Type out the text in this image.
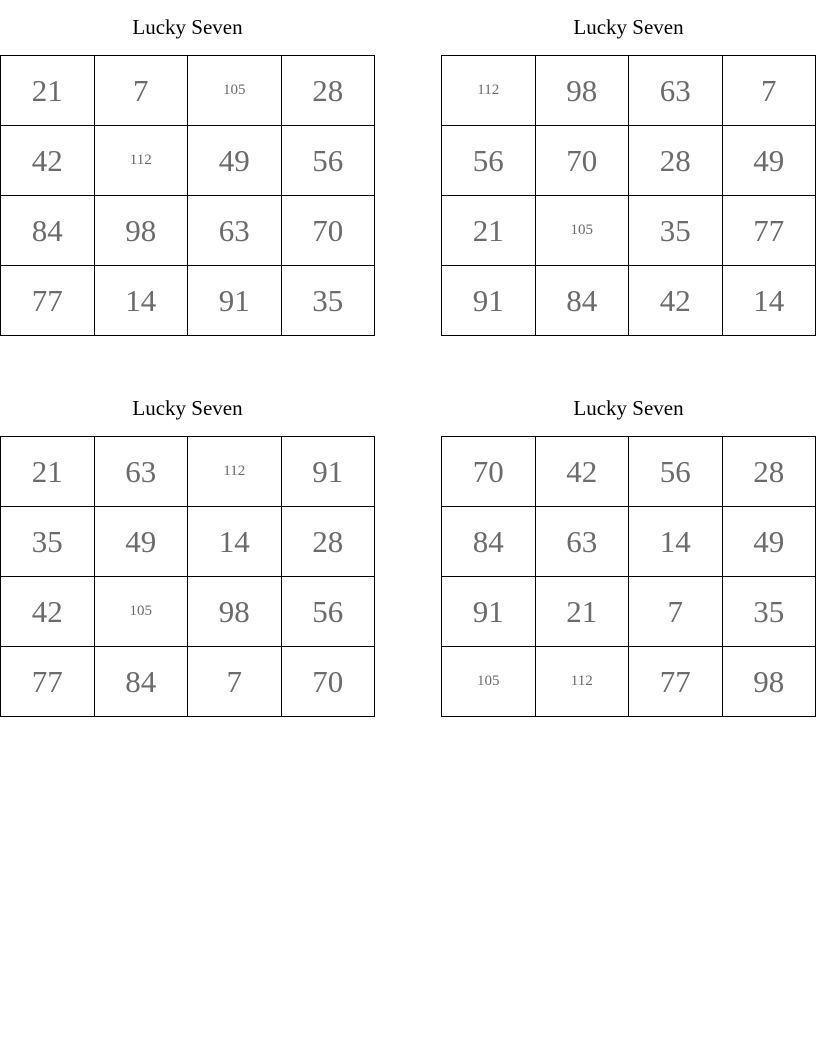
Lucky Seven
21	7	105	28
42	112	49	56
84	98	63	70
77	14	91	35
Lucky Seven
112	98	63	7
56	70	28	49
21	105	35	77
91	84	42	14
Lucky Seven
21	63	112	91
35	49	14	28
42	105	98	56
77	84	7	70
Lucky Seven
70	42	56	28
84	63	14	49
91	21	7	35
105	112	77	98
